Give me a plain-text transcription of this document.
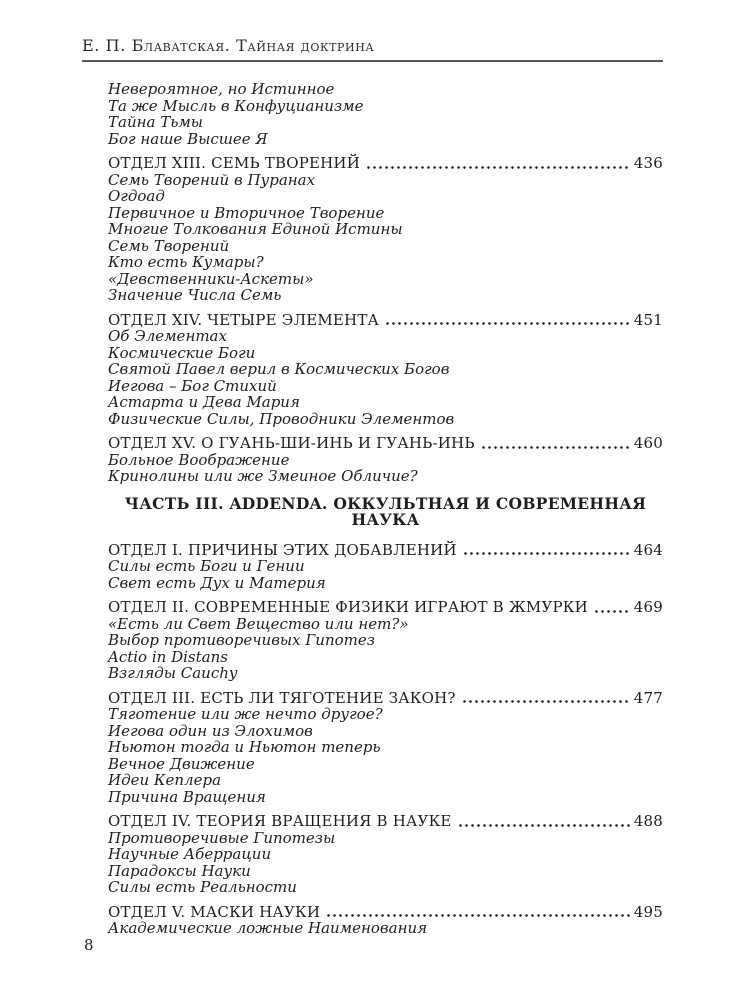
Е. П. Блаватская. Тайная доктрина
Невероятное, но Истинное
Та же Мысль в Конфуцианизме
Тайна Тьмы
Бог наше Высшее Я
ОТДЕЛ XIII. СЕМЬ ТВОРЕНИЙ	436
Семь Творений в Пуранах
Огдоад
Первичное и Вторичное Творение
Многие Толкования Единой Истины
Семь Творений
Кто есть Кумары?
«Девственники-Аскеты»
Значение Числа Семь
ОТДЕЛ XIV. ЧЕТЫРЕ ЭЛЕМЕНТА	451
Об Элементах
Космические Боги
Святой Павел верил в Космических Богов
Иегова – Бог Стихий
Астарта и Дева Мария
Физические Силы, Проводники Элементов
ОТДЕЛ XV. О ГУАНЬ-ШИ-ИНЬ И ГУАНЬ-ИНЬ	460
Больное Воображение
Кринолины или же Змеиное Обличие?
ЧАСТЬ III. ADDENDA. ОККУЛЬТНАЯ И СОВРЕМЕННАЯ НАУКА
ОТДЕЛ I. ПРИЧИНЫ ЭТИХ ДОБАВЛЕНИЙ	464
Силы есть Боги и Гении
Свет есть Дух и Материя
ОТДЕЛ II. СОВРЕМЕННЫЕ ФИЗИКИ ИГРАЮТ В ЖМУРКИ	469
«Есть ли Свет Вещество или нет?»
Выбор противоречивых Гипотез
Actio in Distans
Взгляды Cauchy
ОТДЕЛ III. ЕСТЬ ЛИ ТЯГОТЕНИЕ ЗАКОН?	477
Тяготение или же нечто другое?
Иегова один из Элохимов
Ньютон тогда и Ньютон теперь
Вечное Движение
Идеи Кеплера
Причина Вращения
ОТДЕЛ IV. ТЕОРИЯ ВРАЩЕНИЯ В НАУКЕ	488
Противоречивые Гипотезы
Научные Аберрации
Парадоксы Науки
Силы есть Реальности
ОТДЕЛ V. МАСКИ НАУКИ	495
Академические ложные Наименования
8
